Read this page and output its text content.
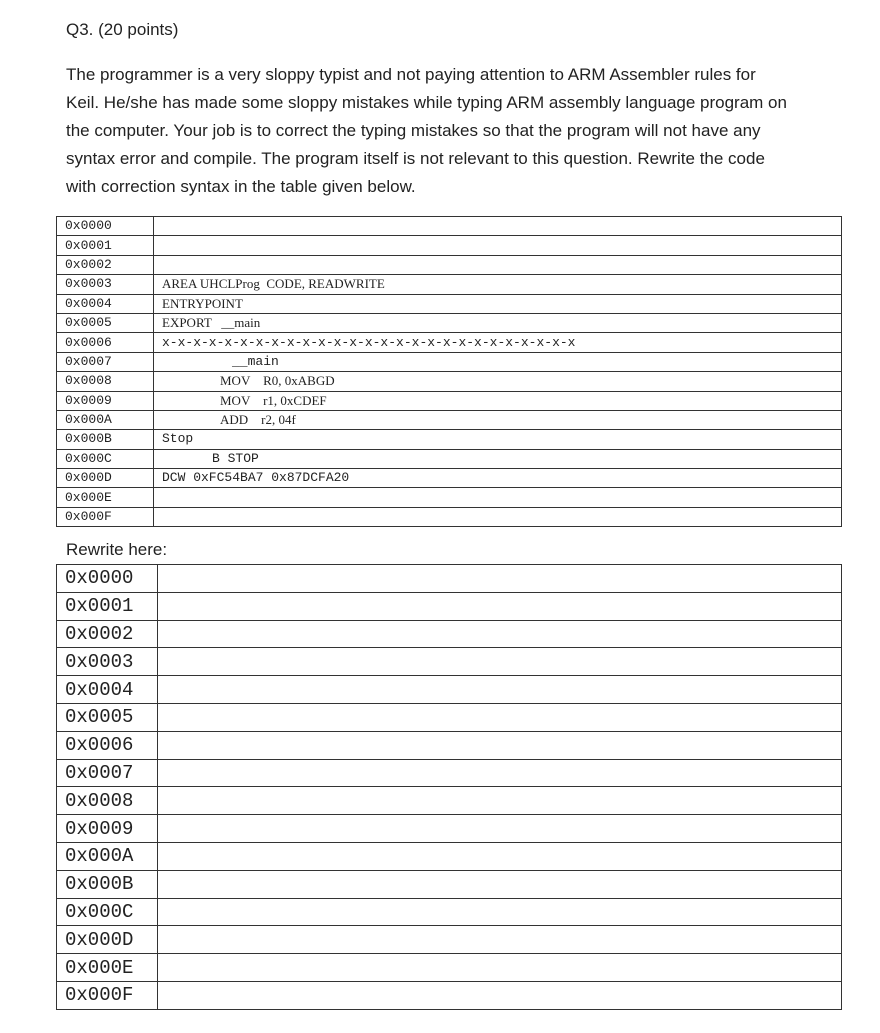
Q3. (20 points)

The programmer is a very sloppy typist and not paying attention to ARM Assembler rules for

Keil. He/she has made some sloppy mistakes while typing ARM assembly language program on

the computer. Your job is to correct the typing mistakes so that the program will not have any

syntax error and compile. The program itself is not relevant to this question. Rewrite the code

with correction syntax in the table given below.

0x0000	
0x0001	
0x0002	
0x0003	AREA UHCLProg  CODE, READWRITE
0x0004	ENTRYPOINT
0x0005	EXPORT   __main
0x0006	x-x-x-x-x-x-x-x-x-x-x-x-x-x-x-x-x-x-x-x-x-x-x-x-x-x-x
0x0007	__main
0x0008	MOV    R0, 0xABGD
0x0009	MOV    r1, 0xCDEF
0x000A	ADD    r2, 04f
0x000B	Stop
0x000C	B STOP
0x000D	DCW 0xFC54BA7 0x87DCFA20
0x000E	
0x000F	
Rewrite here:
0x0000	
0x0001	
0x0002	
0x0003	
0x0004	
0x0005	
0x0006	
0x0007	
0x0008	
0x0009	
0x000A	
0x000B	
0x000C	
0x000D	
0x000E	
0x000F	
